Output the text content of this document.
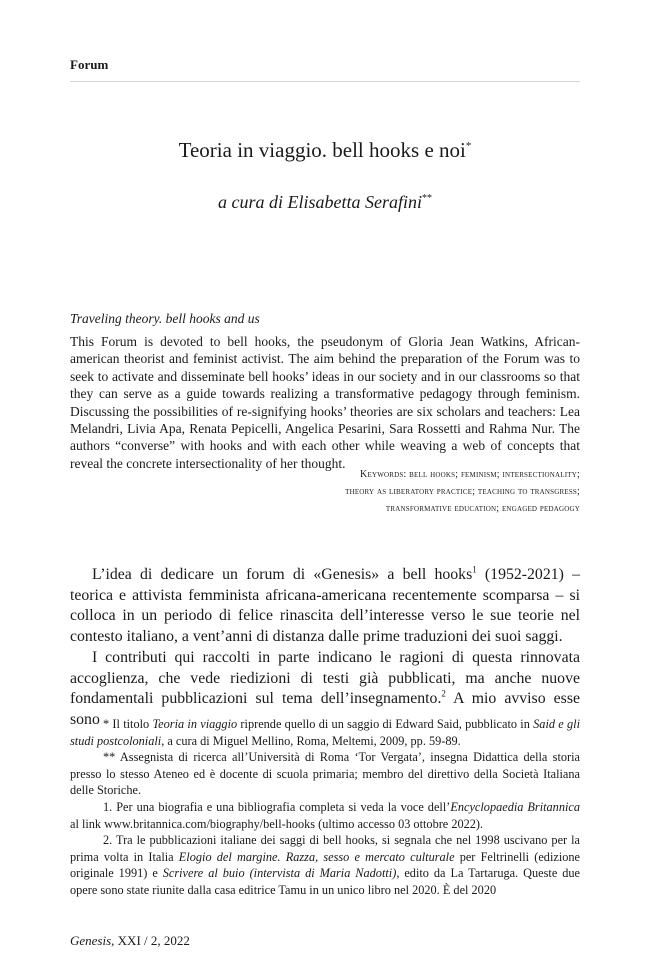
Forum
Teoria in viaggio. bell hooks e noi*
a cura di Elisabetta Serafini**
Traveling theory. bell hooks and us
This Forum is devoted to bell hooks, the pseudonym of Gloria Jean Watkins, African-american theorist and feminist activist. The aim behind the preparation of the Forum was to seek to activate and disseminate bell hooks’ ideas in our society and in our classrooms so that they can serve as a guide towards realizing a transformative pedagogy through feminism. Discussing the possibilities of re-signifying hooks’ theories are six scholars and teachers: Lea Melandri, Livia Apa, Renata Pepicelli, Angelica Pesarini, Sara Rossetti and Rahma Nur. The authors “converse” with hooks and with each other while weaving a web of concepts that reveal the concrete intersectionality of her thought.
Keywords: bell hooks; feminism; intersectionality;
theory as liberatory practice; teaching to transgress;
transformative education; engaged pedagogy

L’idea di dedicare un forum di «Genesis» a bell hooks$^1$ (1952-2021) – teorica e attivista femminista africana-americana recentemente scomparsa – si colloca in un periodo di felice rinascita dell’interesse verso le sue teorie nel contesto italiano, a vent’anni di distanza dalle prime traduzioni dei suoi saggi.

I contributi qui raccolti in parte indicano le ragioni di questa rinnovata accoglienza, che vede riedizioni di testi già pubblicati, ma anche nuove fondamentali pubblicazioni sul tema dell’insegnamento.$^2$ A mio avviso esse sono * Il titolo Teoria in viaggio riprende quello di un saggio di Edward Said, pubblicato in Said e gli studi postcoloniali, a cura di Miguel Mellino, Roma, Meltemi, 2009, pp. 59-89.

** Assegnista di ricerca all’Università di Roma ‘Tor Vergata’, insegna Didattica della storia presso lo stesso Ateneo ed è docente di scuola primaria; membro del direttivo della Società Italiana delle Storiche.

1. Per una biografia e una bibliografia completa si veda la voce dell’Encyclopaedia Britannica al link www.britannica.com/biography/bell-hooks (ultimo accesso 03 ottobre 2022).

2. Tra le pubblicazioni italiane dei saggi di bell hooks, si segnala che nel 1998 uscivano per la prima volta in Italia Elogio del margine. Razza, sesso e mercato culturale per Feltrinelli (edizione originale 1991) e Scrivere al buio (intervista di Maria Nadotti), edito da La Tartaruga. Queste due opere sono state riunite dalla casa editrice Tamu in un unico libro nel 2020. È del 2020

Genesis, XXI / 2, 2022
